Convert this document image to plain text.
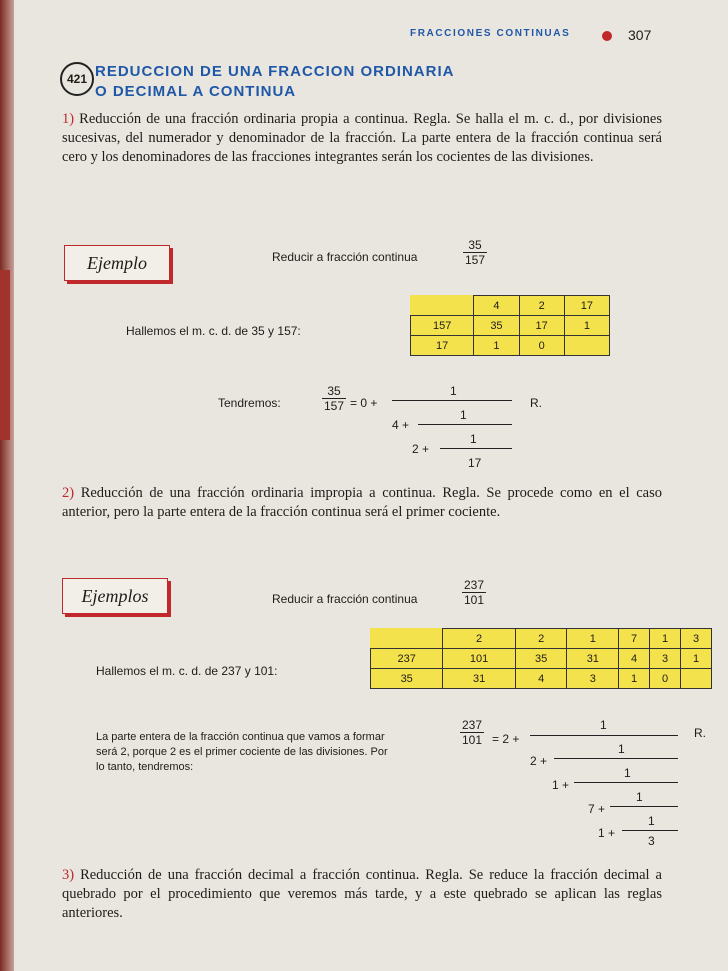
FRACCIONES CONTINUAS	307
421 REDUCCION DE UNA FRACCION ORDINARIA
O DECIMAL A CONTINUA
1) Reducción de una fracción ordinaria propia a continua. Regla. Se halla el m. c. d., por divisiones sucesivas, del numerador y denominador de la fracción. La parte entera de la fracción continua será cero y los denominadores de las fracciones integrantes serán los cocientes de las divisiones.
Ejemplo	Reducir a fracción continua	$\frac{35}{157}$
Hallemos el m. c. d. de 35 y 157:
	4	2	17
157	35	17	1
17	1	0	
Tendremos:	$\frac{35}{157} = 0$ +
1
R.
4 +
1
2 +
1
17
2) Reducción de una fracción ordinaria impropia a continua. Regla. Se procede como en el caso anterior, pero la parte entera de la fracción continua será el primer cociente.
Ejemplos	Reducir a fracción continua	$\frac{237}{101}$
Hallemos el m. c. d. de 237 y 101:
	2	2	1	7	1	3
237	101	35	31	4	3	1
35	31	4	3	1	0	
La parte entera de la fracción continua que vamos a formar será 2, porque 2 es el primer cociente de las divisiones. Por lo tanto, tendremos:
$\frac{237}{101} = 2$ +
1
R.
2 +
1
1 +
1
7 +
1
1 +
1
3
3) Reducción de una fracción decimal a fracción continua. Regla. Se reduce la fracción decimal a quebrado por el procedimiento que veremos más tarde, y a este quebrado se aplican las reglas anteriores.
